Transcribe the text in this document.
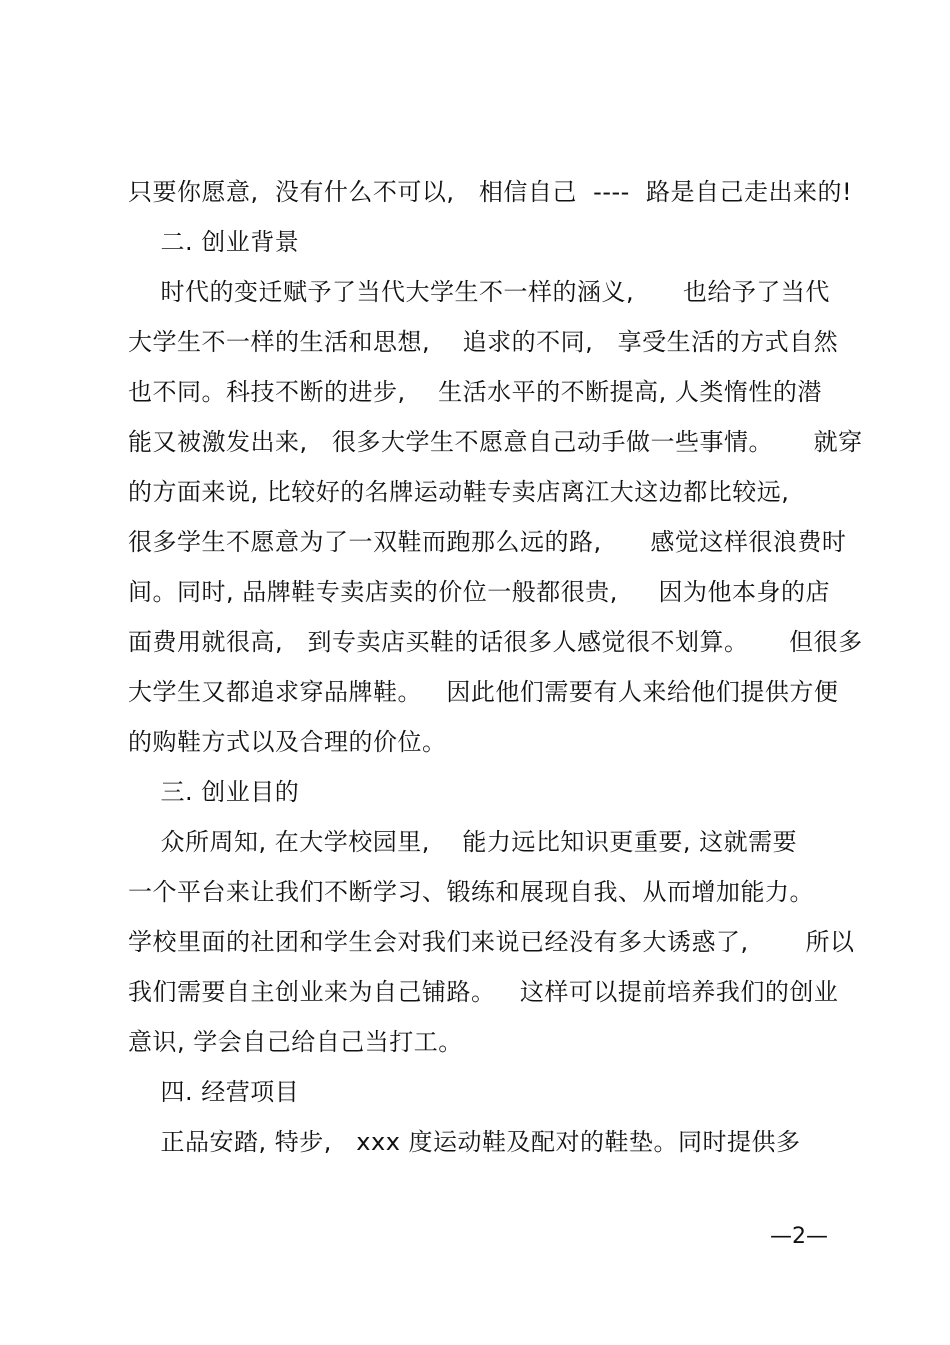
只要你愿意,  没有什么不可以,   相信自己  ----  路是自己走出来的!
二. 创业背景
时代的变迁赋予了当代大学生不一样的涵义,      也给予了当代
大学生不一样的生活和思想,    追求的不同,   享受生活的方式自然
也不同。科技不断的进步,    生活水平的不断提高, 人类惰性的潜
能又被激发出来,   很多大学生不愿意自己动手做一些事情。     就穿
的方面来说, 比较好的名牌运动鞋专卖店离江大这边都比较远,
很多学生不愿意为了一双鞋而跑那么远的路,      感觉这样很浪费时
间。同时, 品牌鞋专卖店卖的价位一般都很贵,     因为他本身的店
面费用就很高,   到专卖店买鞋的话很多人感觉很不划算。     但很多
大学生又都追求穿品牌鞋。   因此他们需要有人来给他们提供方便
的购鞋方式以及合理的价位。
三. 创业目的
众所周知, 在大学校园里,    能力远比知识更重要, 这就需要
一个平台来让我们不断学习、锻练和展现自我、从而增加能力。
学校里面的社团和学生会对我们来说已经没有多大诱惑了,       所以
我们需要自主创业来为自己铺路。   这样可以提前培养我们的创业
意识, 学会自己给自己当打工。
四. 经营项目
正品安踏, 特步,   xxx 度运动鞋及配对的鞋垫。同时提供多
—2—
